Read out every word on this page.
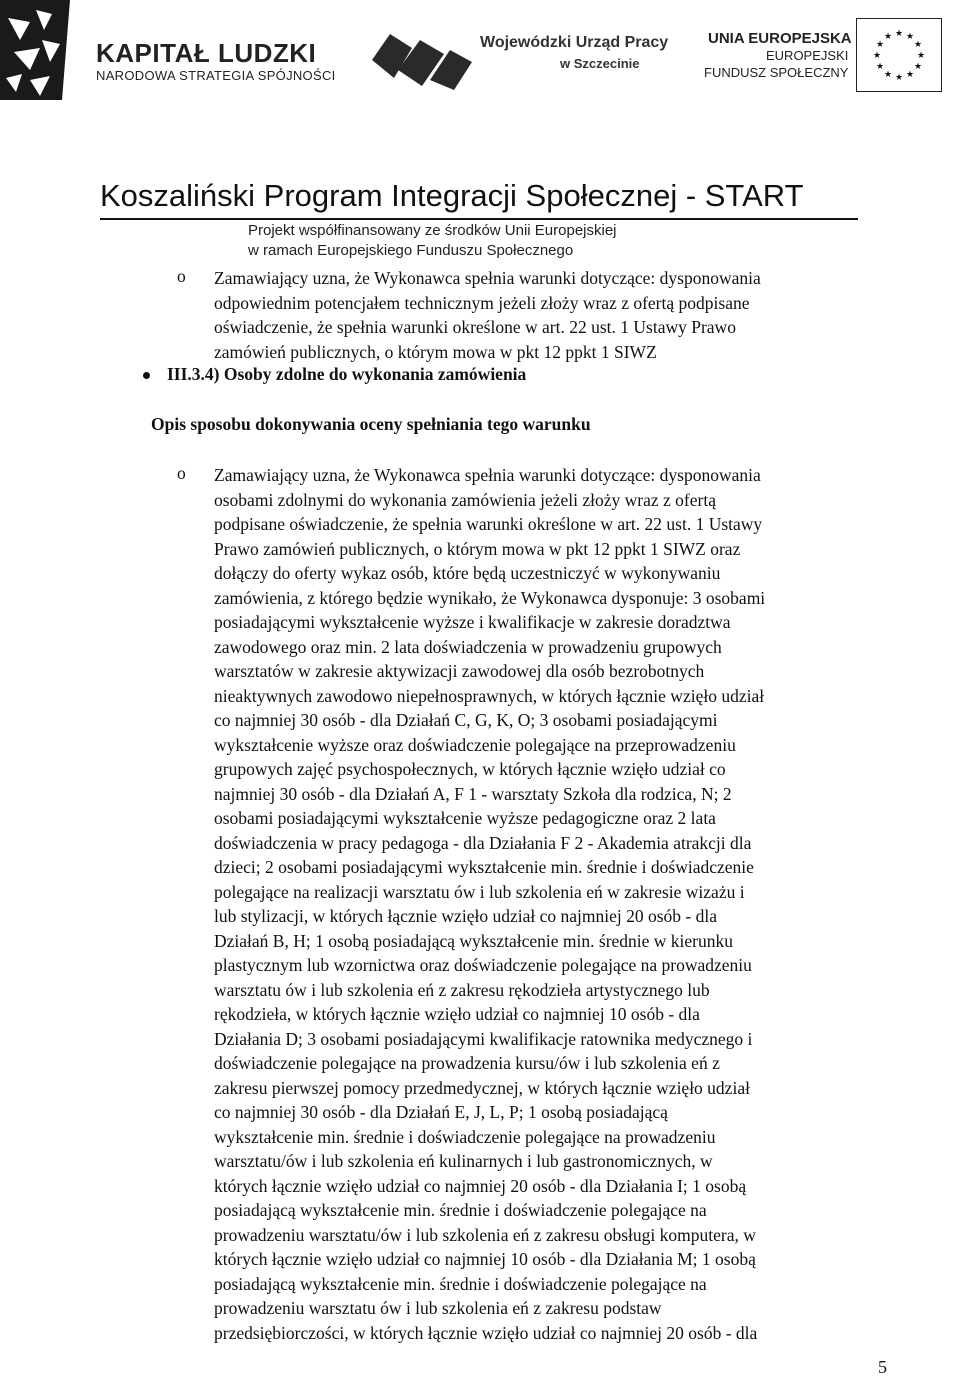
KAPITAŁ LUDZKI
NARODOWA STRATEGIA SPÓJNOŚCI
Wojewódzki Urząd Pracy
w Szczecinie
UNIA EUROPEJSKA
EUROPEJSKI
FUNDUSZ SPOŁECZNY
★ ★
★
★
★
★
★
★
★
★
★
★
Koszaliński Program Integracji Społecznej - START
Projekt współfinansowany ze środków Unii Europejskiej
w ramach Europejskiego Funduszu Społecznego
o Zamawiający uzna, że Wykonawca spełnia warunki dotyczące: dysponowania
odpowiednim potencjałem technicznym jeżeli złoży wraz z ofertą podpisane
oświadczenie, że spełnia warunki określone w art. 22 ust. 1 Ustawy Prawo
zamówień publicznych, o którym mowa w pkt 12 ppkt 1 SIWZ
III.3.4) Osoby zdolne do wykonania zamówienia
Opis sposobu dokonywania oceny spełniania tego warunku
o Zamawiający uzna, że Wykonawca spełnia warunki dotyczące: dysponowania
osobami zdolnymi do wykonania zamówienia jeżeli złoży wraz z ofertą
podpisane oświadczenie, że spełnia warunki określone w art. 22 ust. 1 Ustawy
Prawo zamówień publicznych, o którym mowa w pkt 12 ppkt 1 SIWZ oraz
dołączy do oferty wykaz osób, które będą uczestniczyć w wykonywaniu
zamówienia, z którego będzie wynikało, że Wykonawca dysponuje: 3 osobami
posiadającymi wykształcenie wyższe i kwalifikacje w zakresie doradztwa
zawodowego oraz min. 2 lata doświadczenia w prowadzeniu grupowych
warsztatów w zakresie aktywizacji zawodowej dla osób bezrobotnych
nieaktywnych zawodowo niepełnosprawnych, w których łącznie wzięło udział
co najmniej 30 osób - dla Działań C, G, K, O; 3 osobami posiadającymi
wykształcenie wyższe oraz doświadczenie polegające na przeprowadzeniu
grupowych zajęć psychospołecznych, w których łącznie wzięło udział co
najmniej 30 osób - dla Działań A, F 1 - warsztaty Szkoła dla rodzica, N; 2
osobami posiadającymi wykształcenie wyższe pedagogiczne oraz 2 lata
doświadczenia w pracy pedagoga - dla Działania F 2 - Akademia atrakcji dla
dzieci; 2 osobami posiadającymi wykształcenie min. średnie i doświadczenie
polegające na realizacji warsztatu ów i lub szkolenia eń w zakresie wizażu i
lub stylizacji, w których łącznie wzięło udział co najmniej 20 osób - dla
Działań B, H; 1 osobą posiadającą wykształcenie min. średnie w kierunku
plastycznym lub wzornictwa oraz doświadczenie polegające na prowadzeniu
warsztatu ów i lub szkolenia eń z zakresu rękodzieła artystycznego lub
rękodzieła, w których łącznie wzięło udział co najmniej 10 osób - dla
Działania D; 3 osobami posiadającymi kwalifikacje ratownika medycznego i
doświadczenie polegające na prowadzenia kursu/ów i lub szkolenia eń z
zakresu pierwszej pomocy przedmedycznej, w których łącznie wzięło udział
co najmniej 30 osób - dla Działań E, J, L, P; 1 osobą posiadającą
wykształcenie min. średnie i doświadczenie polegające na prowadzeniu
warsztatu/ów i lub szkolenia eń kulinarnych i lub gastronomicznych, w
których łącznie wzięło udział co najmniej 20 osób - dla Działania I; 1 osobą
posiadającą wykształcenie min. średnie i doświadczenie polegające na
prowadzeniu warsztatu/ów i lub szkolenia eń z zakresu obsługi komputera, w
których łącznie wzięło udział co najmniej 10 osób - dla Działania M; 1 osobą
posiadającą wykształcenie min. średnie i doświadczenie polegające na
prowadzeniu warsztatu ów i lub szkolenia eń z zakresu podstaw
przedsiębiorczości, w których łącznie wzięło udział co najmniej 20 osób - dla
5
